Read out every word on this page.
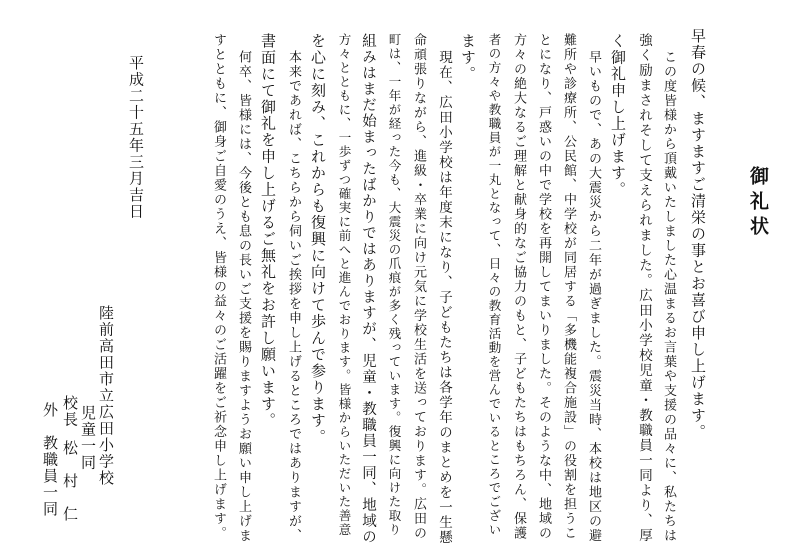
御礼状
早春の候、ますますご清栄の事とお喜び申し上げます。
この度皆様から頂戴いたしました心温まるお言葉や支援の品々に、私たちは
強く励まされそして支えられました。広田小学校児童・教職員一同より、厚
く御礼申し上げます。
早いもので、あの大震災から二年が過ぎました。震災当時、本校は地区の避
難所や診療所、公民館、中学校が同居する「多機能複合施設」の役割を担うこ
とになり、戸惑いの中で学校を再開してまいりました。そのような中、地域の
方々の絶大なるご理解と献身的なご協力のもと、子どもたちはもちろん、保護
者の方々や教職員が一丸となって、日々の教育活動を営んでいるところでござい
ます。
現在、広田小学校は年度末になり、子どもたちは各学年のまとめを一生懸
命頑張りながら、進級・卒業に向け元気に学校生活を送っております。広田の
町は、一年が経った今も、大震災の爪痕が多く残っています。復興に向けた取り
組みはまだ始まったばかりではありますが、児童・教職員一同、地域の
方々とともに、一歩ずつ確実に前へと進んでおります。皆様からいただいた善意
を心に刻み、これからも復興に向けて歩んで参ります。
本来であれば、こちらから伺いご挨拶を申し上げるところではありますが、
書面にて御礼を申し上げるご無礼をお許し願います。
何卒、皆様には、今後とも息の長いご支援を賜りますようお願い申し上げま
すとともに、御身ご自愛のうえ、皆様の益々のご活躍をご祈念申し上げます。
平成二十五年三月吉日
陸前高田市立広田小学校
児童一同
校長
松　村　仁
外　教職員一同
